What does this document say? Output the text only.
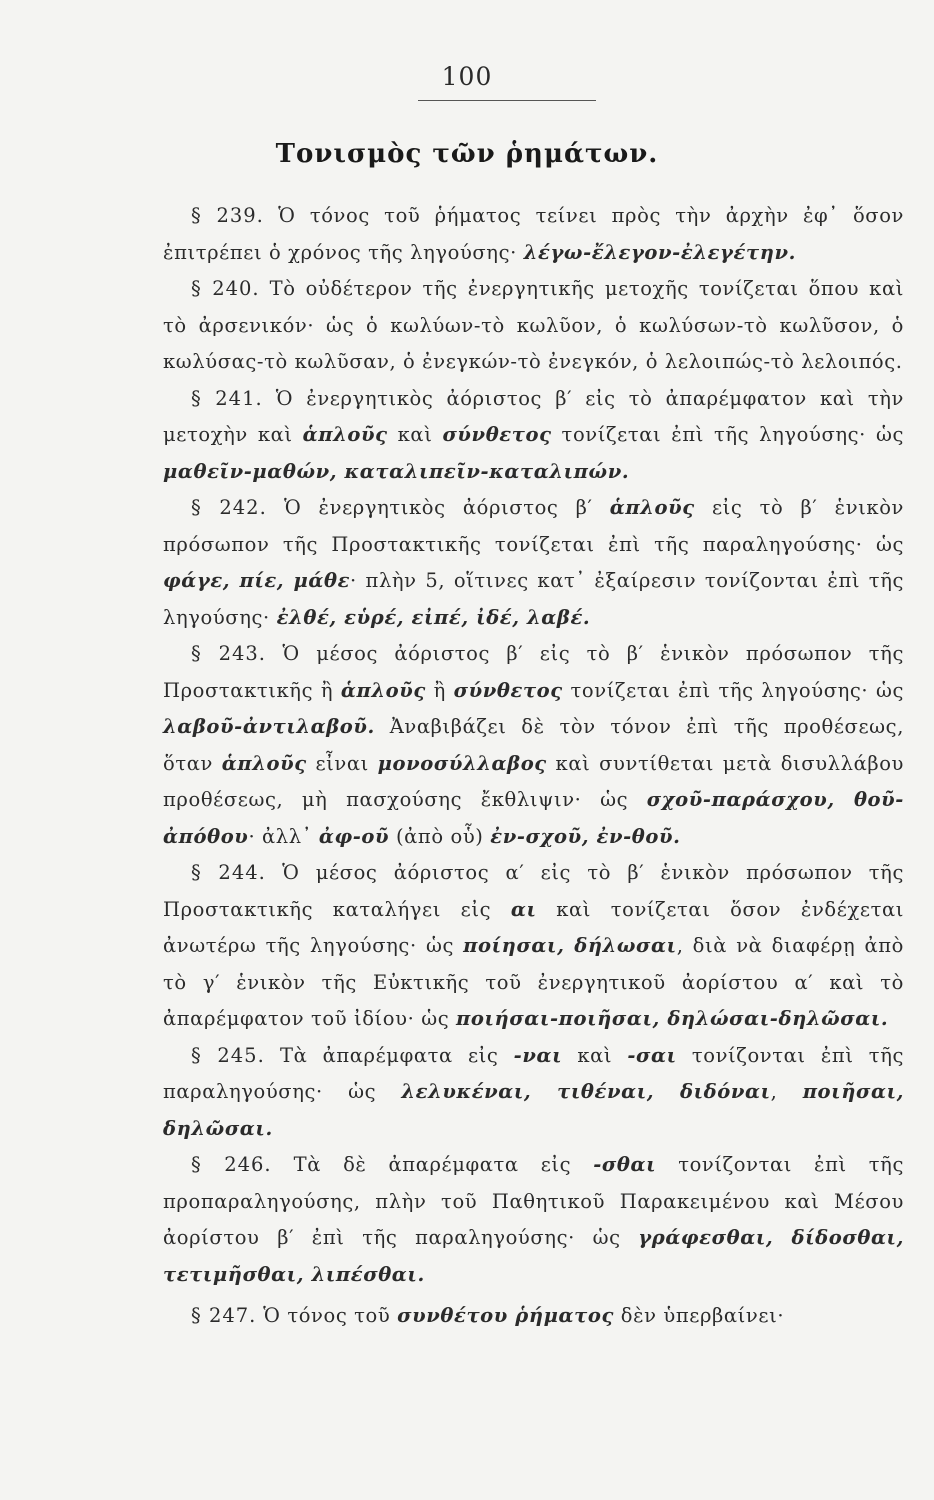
100
Τονισμὸς τῶν ῥημάτων.
§ 239. Ὁ τόνος τοῦ ῥήματος τείνει πρὸς τὴν ἀρχὴν ἐφ᾿ ὅσον ἐπιτρέπει ὁ χρόνος τῆς ληγούσης· λέγω-ἔλεγον-ἐλεγέτην.
§ 240. Τὸ οὐδέτερον τῆς ἐνεργητικῆς μετοχῆς τονίζεται ὅπου καὶ τὸ ἀρσενικόν· ὡς ὁ κωλύων-τὸ κωλῦον, ὁ κωλύσων-τὸ κωλῦσον, ὁ κωλύσας-τὸ κωλῦσαν, ὁ ἐνεγκών-τὸ ἐνεγκόν, ὁ λελοιπώς-τὸ λελοιπός.
§ 241. Ὁ ἐνεργητικὸς ἀόριστος β′ εἰς τὸ ἀπαρέμφατον καὶ τὴν μετοχὴν καὶ ἁπλοῦς καὶ σύνθετος τονίζεται ἐπὶ τῆς ληγούσης· ὡς μαθεῖν-μαθών, καταλιπεῖν-καταλιπών.
§ 242. Ὁ ἐνεργητικὸς ἀόριστος β′ ἁπλοῦς εἰς τὸ β′ ἑνικὸν πρόσωπον τῆς Προστακτικῆς τονίζεται ἐπὶ τῆς παραληγούσης· ὡς φάγε, πίε, μάθε· πλὴν 5, οἵτινες κατ᾿ ἐξαίρεσιν τονίζονται ἐπὶ τῆς ληγούσης· ἐλθέ, εὑρέ, εἰπέ, ἰδέ, λαβέ.
§ 243. Ὁ μέσος ἀόριστος β′ εἰς τὸ β′ ἑνικὸν πρόσωπον τῆς Προστακτικῆς ἢ ἁπλοῦς ἢ σύνθετος τονίζεται ἐπὶ τῆς ληγούσης· ὡς λαβοῦ-ἀντιλαβοῦ. Ἀναβιβάζει δὲ τὸν τόνον ἐπὶ τῆς προθέσεως, ὅταν ἁπλοῦς εἶναι μονοσύλλαβος καὶ συντίθεται μετὰ δισυλλάβου προθέσεως, μὴ πασχούσης ἔκθλιψιν· ὡς σχοῦ-παράσχου, θοῦ-ἀπόθου· ἀλλ᾿ ἀφ-οῦ (ἀπὸ οὗ) ἐν-σχοῦ, ἐν-θοῦ.
§ 244. Ὁ μέσος ἀόριστος α′ εἰς τὸ β′ ἑνικὸν πρόσωπον τῆς Προστακτικῆς καταλήγει εἰς αι καὶ τονίζεται ὅσον ἐνδέχεται ἀνωτέρω τῆς ληγούσης· ὡς ποίησαι, δήλωσαι, διὰ νὰ διαφέρῃ ἀπὸ τὸ γ′ ἑνικὸν τῆς Εὐκτικῆς τοῦ ἐνεργητικοῦ ἀορίστου α′ καὶ τὸ ἀπαρέμφατον τοῦ ἰδίου· ὡς ποιήσαι-ποιῆσαι, δηλώσαι-δηλῶσαι.
§ 245. Τὰ ἀπαρέμφατα εἰς -ναι καὶ -σαι τονίζονται ἐπὶ τῆς παραληγούσης· ὡς λελυκέναι, τιθέναι, διδόναι, ποιῆσαι, δηλῶσαι.
§ 246. Τὰ δὲ ἀπαρέμφατα εἰς -σθαι τονίζονται ἐπὶ τῆς προπαραληγούσης, πλὴν τοῦ Παθητικοῦ Παρακειμένου καὶ Μέσου ἀορίστου β′ ἐπὶ τῆς παραληγούσης· ὡς γράφεσθαι, δίδοσθαι, τετιμῆσθαι, λιπέσθαι.
§ 247. Ὁ τόνος τοῦ συνθέτου ῥήματος δὲν ὑπερβαίνει·
